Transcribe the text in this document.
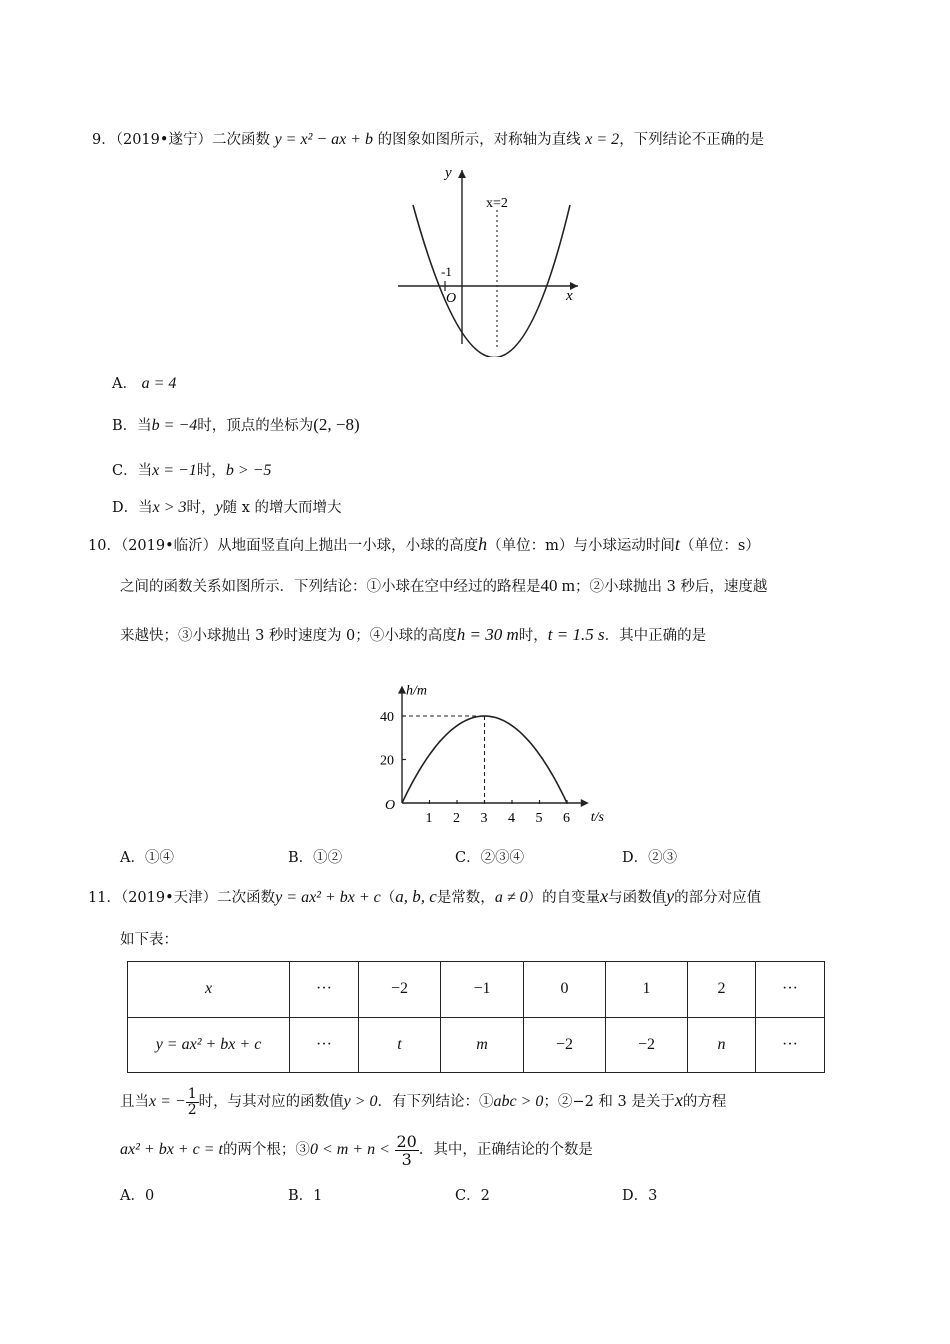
9．（2019•遂宁）二次函数 y = x² − ax + b 的图象如图所示，对称轴为直线 x = 2，下列结论不正确的是
y
x
O
-1
x=2
A． a = 4
B．当b = −4时，顶点的坐标为(2, −8)
C．当x = −1时，b > −5
D．当x > 3时，y随 x 的增大而增大
10．（2019•临沂）从地面竖直向上抛出一小球，小球的高度h（单位：m）与小球运动时间t（单位：s）
之间的函数关系如图所示．下列结论：①小球在空中经过的路程是40 m；②小球抛出 3 秒后，速度越
来越快；③小球抛出 3 秒时速度为 0；④小球的高度h = 30 m时，t = 1.5 s．其中正确的是
1 2 3 4 5 6
20
40
O
h/m
t/s
A．①④	B．①②	C．②③④	D．②③
11．（2019•天津）二次函数y = ax² + bx + c（a, b, c是常数，a ≠ 0）的自变量x与函数值y的部分对应值
如下表：
x	···	−2	−1	0	1	2	···
y = ax² + bx + c	···	t	m	−2	−2	n	···
且当x = − $\frac{1}{2}$ 时，与其对应的函数值y > 0．有下列结论：①abc > 0；②−2 和 3 是关于x的方程
ax² + bx + c = t的两个根；③0 < $m + n < \frac{20}{3}$ ．其中，正确结论的个数是
A．0	B．1	C．2	D．3
